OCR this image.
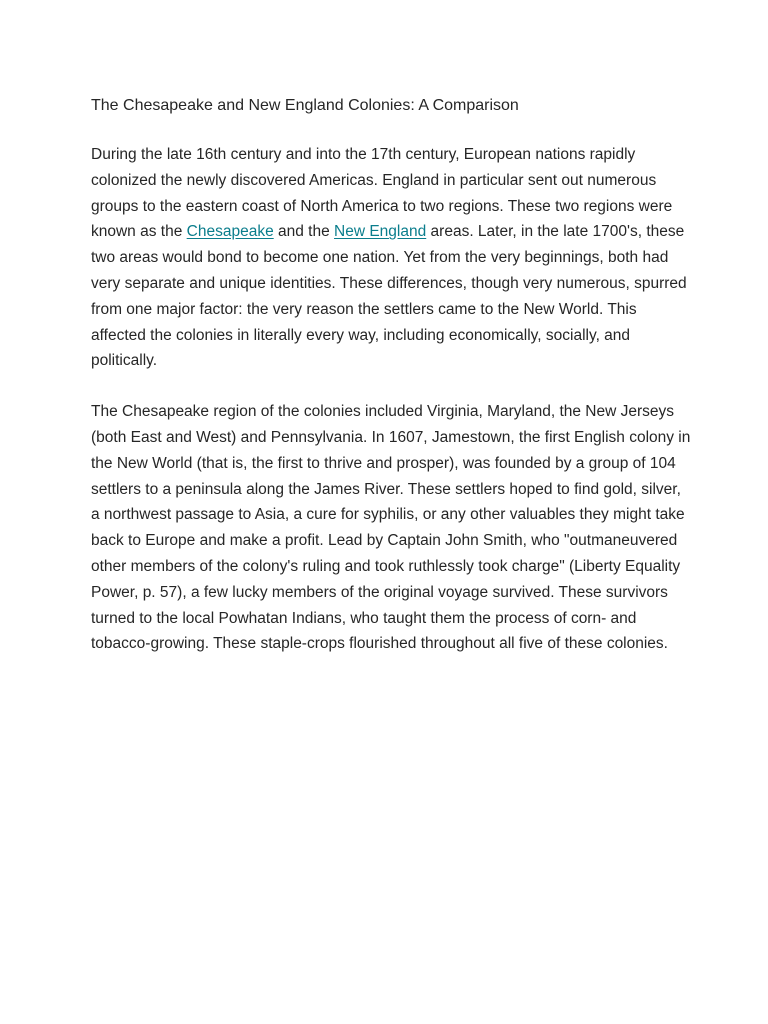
The Chesapeake and New England Colonies: A Comparison

During the late 16th century and into the 17th century, European nations rapidly colonized the newly discovered Americas. England in particular sent out numerous groups to the eastern coast of North America to two regions. These two regions were known as the Chesapeake and the New England areas. Later, in the late 1700's, these two areas would bond to become one nation. Yet from the very beginnings, both had very separate and unique identities. These differences, though very numerous, spurred from one major factor: the very reason the settlers came to the New World. This affected the colonies in literally every way, including economically, socially, and politically.

The Chesapeake region of the colonies included Virginia, Maryland, the New Jerseys (both East and West) and Pennsylvania. In 1607, Jamestown, the first English colony in the New World (that is, the first to thrive and prosper), was founded by a group of 104 settlers to a peninsula along the James River. These settlers hoped to find gold, silver, a northwest passage to Asia, a cure for syphilis, or any other valuables they might take back to Europe and make a profit. Lead by Captain John Smith, who "outmaneuvered other members of the colony's ruling and took ruthlessly took charge" (Liberty Equality Power, p. 57), a few lucky members of the original voyage survived. These survivors turned to the local Powhatan Indians, who taught them the process of corn- and tobacco-growing. These staple-crops flourished throughout all five of these colonies.
